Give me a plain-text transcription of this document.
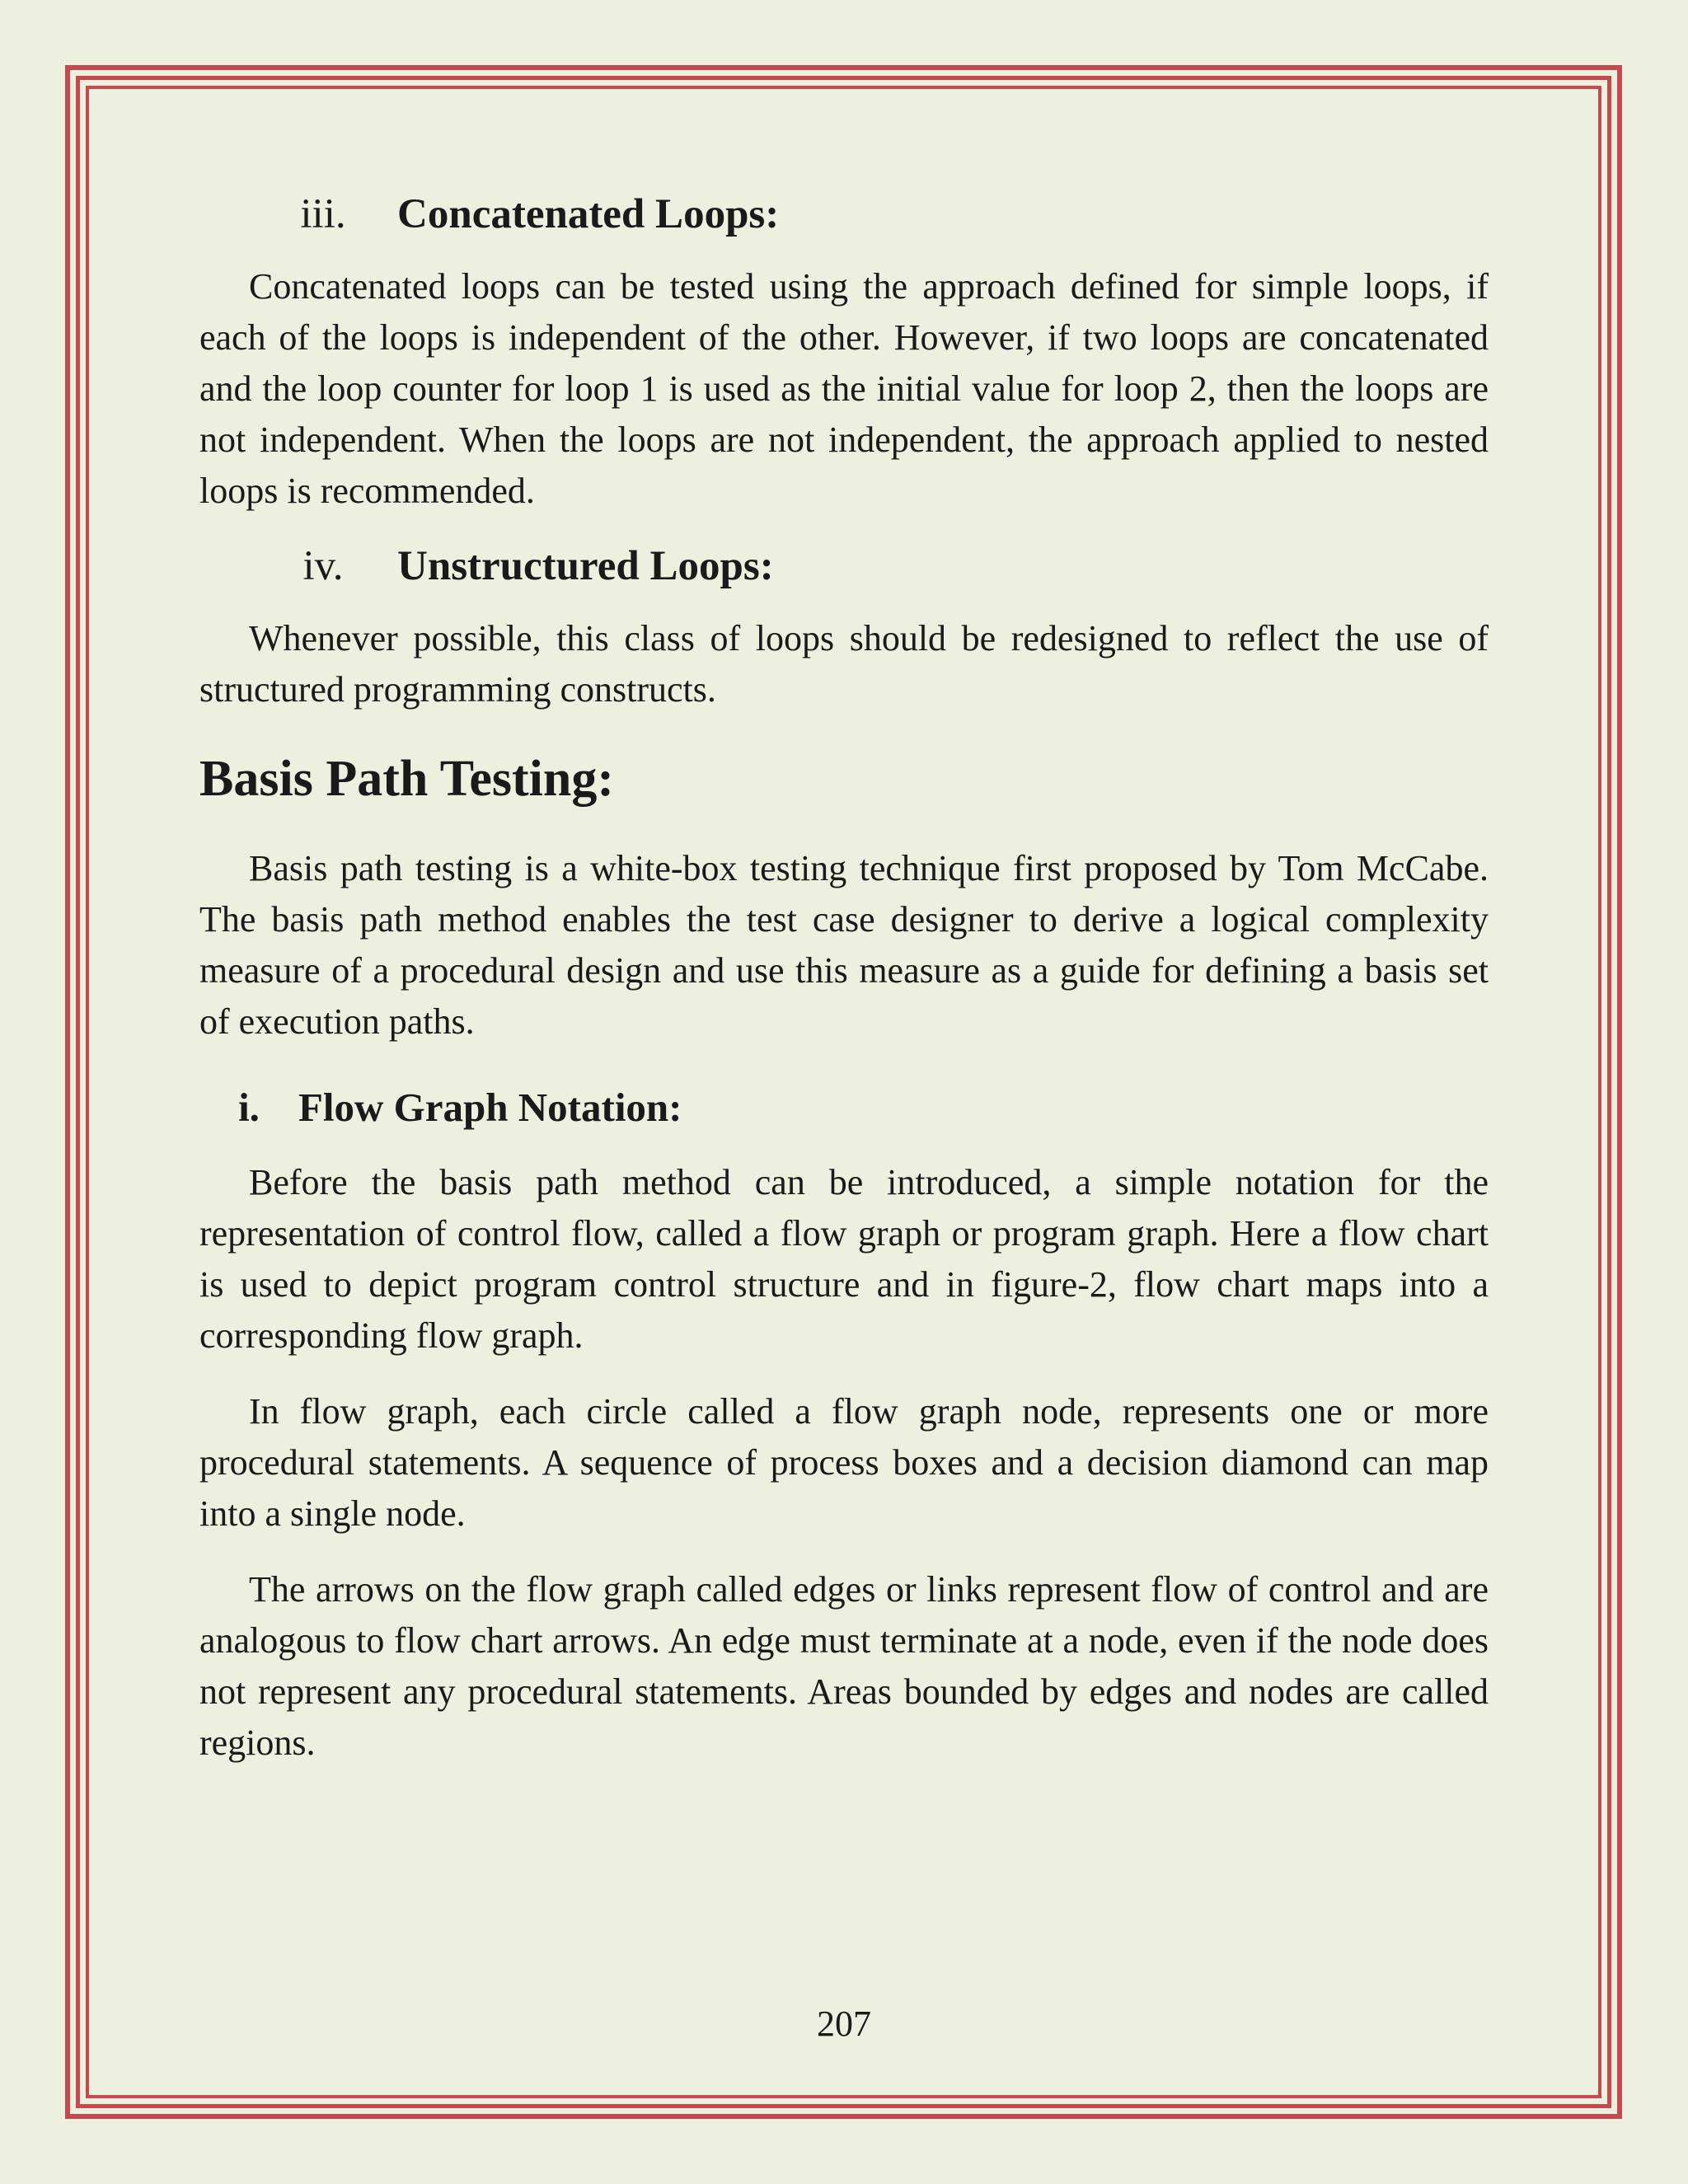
iii.	Concatenated Loops:

Concatenated loops can be tested using the approach defined for simple loops, if each of the loops is independent of the other. However, if two loops are concatenated and the loop counter for loop 1 is used as the initial value for loop 2, then the loops are not independent. When the loops are not independent, the approach applied to nested loops is recommended.

iv.	Unstructured Loops:

Whenever possible, this class of loops should be redesigned to reflect the use of structured programming constructs.

Basis Path Testing:

Basis path testing is a white-box testing technique first proposed by Tom McCabe. The basis path method enables the test case designer to derive a logical complexity measure of a procedural design and use this measure as a guide for defining a basis set of execution paths.

i. Flow Graph Notation:

Before the basis path method can be introduced, a simple notation for the representation of control flow, called a flow graph or program graph. Here a flow chart is used to depict program control structure and in figure-2, flow chart maps into a corresponding flow graph.

In flow graph, each circle called a flow graph node, represents one or more procedural statements. A sequence of process boxes and a decision diamond can map into a single node.

The arrows on the flow graph called edges or links represent flow of control and are analogous to flow chart arrows. An edge must terminate at a node, even if the node does not represent any procedural statements. Areas bounded by edges and nodes are called regions.

207
